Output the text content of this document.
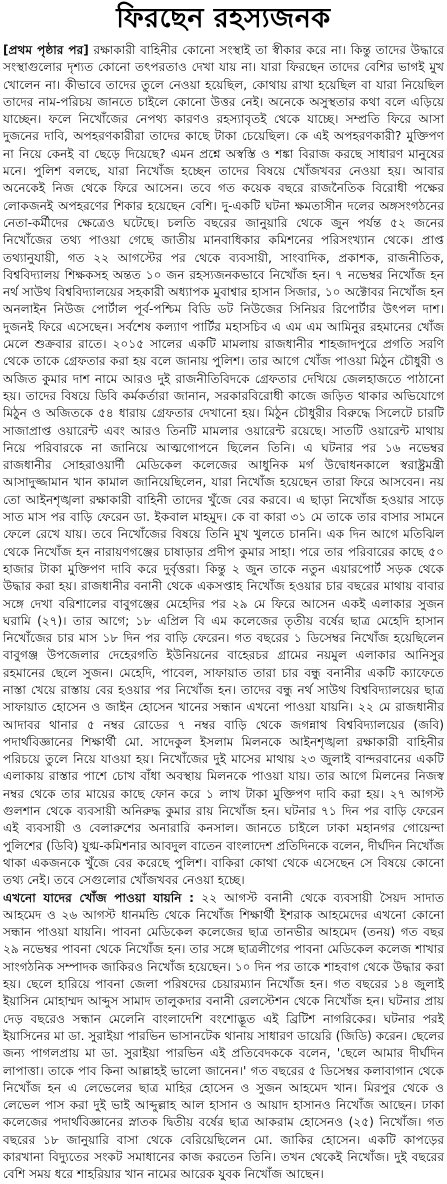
ফিরছেন রহস্যজনক

[প্রথম পৃষ্ঠার পর] রক্ষাকারী বাহিনীর কোনো সংস্থাই তা স্বীকার করে না। কিন্তু তাদের উদ্ধারে সংস্থাগুলোর দৃশ্যত কোনো তৎপরতাও দেখা যায় না। যারা ফিরছেন তাদের বেশির ভাগই মুখ খোলেন না। কীভাবে তাদের তুলে নেওয়া হয়েছিল, কোথায় রাখা হয়েছিল বা যারা নিয়েছিল তাদের নাম-পরিচয় জানতে চাইলে কোনো উত্তর নেই। অনেকে অসুস্থতার কথা বলে এড়িয়ে যাচ্ছেন। ফলে নিখোঁজের নেপথ্য কারণও রহস্যাবৃতই থেকে যাচ্ছে। সম্প্রতি ফিরে আসা দুজনের দাবি, অপহরণকারীরা তাদের কাছে টাকা চেয়েছিল। কে এই অপহরণকারী? মুক্তিপণ না নিয়ে কেনই বা ছেড়ে দিয়েছে? এমন প্রশ্নে অস্বস্তি ও শঙ্কা বিরাজ করছে সাধারণ মানুষের মনে। পুলিশ বলছে, যারা নিখোঁজ হচ্ছেন তাদের বিষয়ে খোঁজখবর নেওয়া হয়। আবার অনেকেই নিজ থেকে ফিরে আসেন। তবে গত কয়েক বছরে রাজনৈতিক বিরোধী পক্ষের লোকজনই অপহরণের শিকার হয়েছেন বেশি। দু-একটি ঘটনা ক্ষমতাসীন দলের অঙ্গসংগঠনের নেতা-কর্মীদের ক্ষেত্রেও ঘটেছে। চলতি বছরের জানুয়ারি থেকে জুন পর্যন্ত ৫২ জনের নিখোঁজের তথ্য পাওয়া গেছে জাতীয় মানবাধিকার কমিশনের পরিসংখ্যান থেকে। প্রাপ্ত তথ্যানুযায়ী, গত ২২ আগস্টের পর থেকে ব্যবসায়ী, সাংবাদিক, প্রকাশক, রাজনীতিক, বিশ্ববিদ্যালয় শিক্ষকসহ অন্তত ১০ জন রহস্যজনকভাবে নিখোঁজ হন। ৭ নভেম্বর নিখোঁজ হন নর্থ সাউথ বিশ্ববিদ্যালয়ের সহকারী অধ্যাপক মুবাশ্বার হাসান সিজার, ১০ অক্টোবর নিখোঁজ হন অনলাইন নিউজ পোর্টাল পূর্ব-পশ্চিম বিডি ডট নিউজের সিনিয়র রিপোর্টার উৎপল দাশ। দুজনই ফিরে এসেছেন। সর্বশেষ কল্যাণ পার্টির মহাসচিব এ এম এম আমিনুর রহমানের খোঁজ মেলে শুক্রবার রাতে। ২০১৫ সালের একটি মামলায় রাজধানীর শাহজাদপুরে প্রগতি সরণি থেকে তাকে গ্রেফতার করা হয় বলে জানায় পুলিশ। তার আগে খোঁজ পাওয়া মিঠুন চৌধুরী ও অজিত কুমার দাশ নামে আরও দুই রাজনীতিবিদকে গ্রেফতার দেখিয়ে জেলহাজতে পাঠানো হয়। তাদের বিষয়ে ডিবি কর্মকর্তারা জানান, সরকারবিরোধী কাজে জড়িত থাকার অভিযোগে মিঠুন ও অজিতকে ৫৪ ধারায় গ্রেফতার দেখানো হয়। মিঠুন চৌধুরীর বিরুদ্ধে সিলেটে চারটি সাজাপ্রাপ্ত ওয়ারেন্ট এবং আরও তিনটি মামলার ওয়ারেন্ট রয়েছে। সাতটি ওয়ারেন্ট মাথায় নিয়ে পরিবারকে না জানিয়ে আত্মগোপনে ছিলেন তিনি। এ ঘটনার পর ১৬ নভেম্বর রাজধানীর সোহরাওয়ার্দী মেডিকেল কলেজের আধুনিক মর্গ উদ্বোধনকালে স্বরাষ্ট্রমন্ত্রী আসাদুজ্জামান খান কামাল জানিয়েছিলেন, যারা নিখোঁজ হয়েছেন তারা ফিরে আসবেন। নয় তো আইনশৃঙ্খলা রক্ষাকারী বাহিনী তাদের খুঁজে বের করবে। এ ছাড়া নিখোঁজ হওয়ার সাড়ে সাত মাস পর বাড়ি ফেরেন ডা. ইকবাল মাহমুদ। কে বা কারা ৩১ মে তাকে তার বাসার সামনে ফেলে রেখে যায়। তবে নিখোঁজের বিষয়ে তিনি মুখ খুলতে চাননি। এক দিন আগে মতিঝিল থেকে নিখোঁজ হন নারায়ণগঞ্জের চাষাড়ার প্রদীপ কুমার সাহা। পরে তার পরিবারের কাছে ৫০ হাজার টাকা মুক্তিপণ দাবি করে দুর্বৃত্তরা। কিন্তু ২ জুন তাকে নতুন এয়ারপোর্ট সড়ক থেকে উদ্ধার করা হয়। রাজধানীর বনানী থেকে একসপ্তাহ নিখোঁজ হওয়ার চার বছরের মাথায় বাবার সঙ্গে দেখা বরিশালের বাবুগঞ্জের মেহেদির পর ২৯ মে ফিরে আসেন একই এলাকার সুজন ঘরামি (২৭)। তার আগে; ১৮ এপ্রিল বি এম কলেজের তৃতীয় বর্ষের ছাত্র মেহেদি হাসান নিখোঁজের চার মাস ১৮ দিন পর বাড়ি ফেরেন। গত বছরের ১ ডিসেম্বর নিখোঁজ হয়েছিলেন বাবুগঞ্জ উপজেলার দেহেরগতি ইউনিয়নের বাহেরচর গ্রামের নয়মুল এলাকার আনিসুর রহমানের ছেলে সুজন। মেহেদি, পাবেল, সাফায়াত তারা চার বন্ধু বনানীর একটি ক্যাফেতে নাস্তা খেয়ে রাস্তায় বের হওয়ার পর নিখোঁজ হন। তাদের বন্ধু নর্থ সাউথ বিশ্ববিদ্যালয়ের ছাত্র সাফায়াত হোসেন ও জাইন হোসেন খানের সন্ধান এখনো পাওয়া যায়নি। ২২ মে রাজধানীর আদাবর থানার ৫ নম্বর রোডের ৭ নম্বর বাড়ি থেকে জগন্নাথ বিশ্ববিদ্যালয়ের (জবি) পদার্থবিজ্ঞানের শিক্ষার্থী মো. সাদেকুল ইসলাম মিলনকে আইনশৃঙ্খলা রক্ষাকারী বাহিনীর পরিচয়ে তুলে নিয়ে যাওয়া হয়। নিখোঁজের দুই মাসের মাথায় ২৩ জুলাই বান্দরবানের একটি এলাকায় রাস্তার পাশে চোখ বাঁধা অবস্থায় মিলনকে পাওয়া যায়। তার আগে মিলনের নিজস্ব নম্বর থেকে তার মায়ের কাছে ফোন করে ১ লাখ টাকা মুক্তিপণ দাবি করা হয়। ২৭ আগস্ট গুলশান থেকে ব্যবসায়ী অনিরুদ্ধ কুমার রায় নিখোঁজ হন। ঘটনার ৭১ দিন পর বাড়ি ফেরেন এই ব্যবসায়ী ও বেলারুশের অনারারি কনসাল। জানতে চাইলে ঢাকা মহানগর গোয়েন্দা পুলিশের (ডিবি) যুগ্ম-কমিশনার আবদুল বাতেন বাংলাদেশ প্রতিদিনকে বলেন, দীর্ঘদিন নিখোঁজ থাকা একজনকে খুঁজে বের করেছে পুলিশ। বাকিরা কোথা থেকে এসেছেন সে বিষয়ে কোনো তথ্য নেই। তবে সেগুলোর খোঁজখবর নেওয়া হচ্ছে।

এখনো যাদের খোঁজ পাওয়া যায়নি : ২২ আগস্ট বনানী থেকে ব্যবসায়ী সৈয়দ সাদাত আহমেদ ও ২৬ আগস্ট ধানমন্ডি থেকে নিখোঁজ শিক্ষার্থী ইশরাক আহমেদের এখনো কোনো সন্ধান পাওয়া যায়নি। পাবনা মেডিকেল কলেজের ছাত্র তানভীর আহমেদ (তনয়) গত বছর ২৯ নভেম্বর পাবনা থেকে নিখোঁজ হন। তার সঙ্গে ছাত্রলীগের পাবনা মেডিকেল কলেজ শাখার সাংগঠনিক সম্পাদক জাকিরও নিখোঁজ হয়েছেন। ১০ দিন পর তাকে শাহবাগ থেকে উদ্ধার করা হয়। ছেলে হারিয়ে পাবনা জেলা পরিষদের চেয়ারম্যান নিখোঁজ হন। গত বছরের ১৪ জুলাই ইয়াসিন মোহাম্মদ আব্দুস সামাদ তালুকদার বনানী রেলস্টেশন থেকে নিখোঁজ হন। ঘটনার প্রায় দেড় বছরেও সন্ধান মেলেনি বাংলাদেশি বংশোদ্ভূত এই ব্রিটিশ নাগরিকের। ঘটনার পরই ইয়াসিনের মা ডা. সুরাইয়া পারভিন ভাসানটেক থানায় সাধারণ ডায়েরি (জিডি) করেন। ছেলের জন্য পাগলপ্রায় মা ডা. সুরাইয়া পারভিন এই প্রতিবেদককে বলেন, 'ছেলে আমার দীর্ঘদিন লাপাত্তা। তাকে পাব কিনা আল্লাহই ভালো জানেন।' গত বছরের ৫ ডিসেম্বর কলাবাগান থেকে নিখোঁজ হন এ লেভেলের ছাত্র মাহির হোসেন ও সুজন আহমেদ খান। মিরপুর থেকে ও লেভেল পাস করা দুই ভাই আব্দুল্লাহ আল হাসান ও আয়াদ হাসানও নিখোঁজ আছেন। ঢাকা কলেজের পদার্থবিজ্ঞানের স্নাতক দ্বিতীয় বর্ষের ছাত্র আকরাম হোসেনও (২৫) নিখোঁজ। গত বছরের ১৮ জানুয়ারি বাসা থেকে বেরিয়েছিলেন মো. জাকির হোসেন। একটি কাপড়ের কারখানা বিদ্যুতের সংকট সমাধানের কাজ করতেন তিনি। তখন থেকেই নিখোঁজ। দুই বছরের বেশি সময় ধরে শাহরিয়ার খান নামের আরেক যুবক নিখোঁজ আছেন।
